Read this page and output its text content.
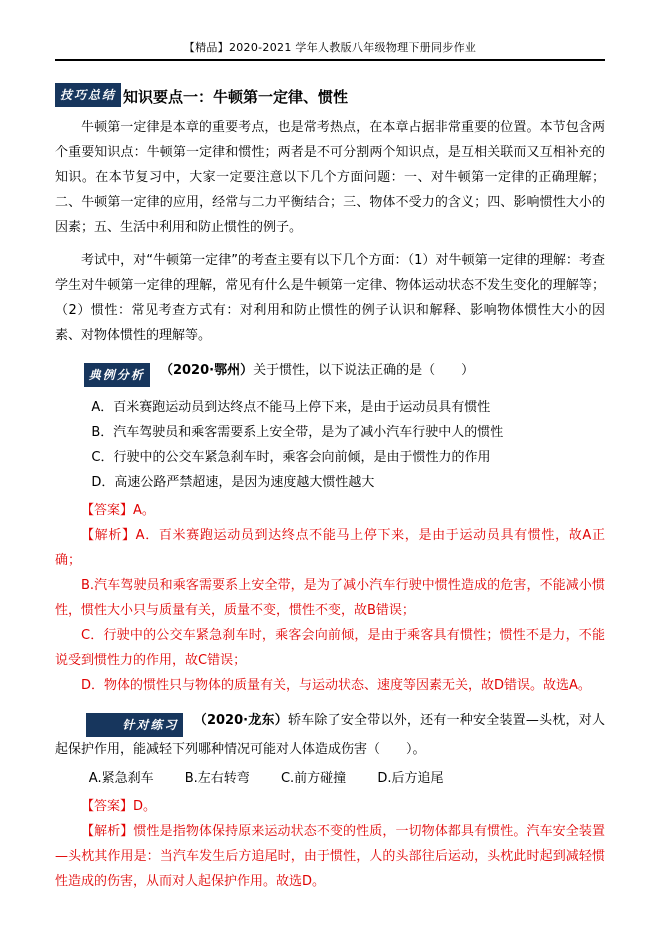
【精品】2020-2021 学年人教版八年级物理下册同步作业
技巧总结 知识要点一：牛顿第一定律、惯性

牛顿第一定律是本章的重要考点，也是常考热点，在本章占据非常重要的位置。本节包含两个重要知识点：牛顿第一定律和惯性；两者是不可分割两个知识点，是互相关联而又互相补充的知识。在本节复习中，大家一定要注意以下几个方面问题：一、对牛顿第一定律的正确理解；二、牛顿第一定律的应用，经常与二力平衡结合；三、物体不受力的含义；四、影响惯性大小的因素；五、生活中利用和防止惯性的例子。

考试中，对“牛顿第一定律”的考查主要有以下几个方面：（1）对牛顿第一定律的理解：考查学生对牛顿第一定律的理解，常见有什么是牛顿第一定律、物体运动状态不发生变化的理解等；（2）惯性：常见考查方式有：对利用和防止惯性的例子认识和解释、影响物体惯性大小的因素、对物体惯性的理解等。

典例分析 （2020·鄂州）关于惯性，以下说法正确的是（　　）

A．百米赛跑运动员到达终点不能马上停下来，是由于运动员具有惯性

B．汽车驾驶员和乘客需要系上安全带，是为了减小汽车行驶中人的惯性

C．行驶中的公交车紧急刹车时，乘客会向前倾，是由于惯性力的作用

D．高速公路严禁超速，是因为速度越大惯性越大

【答案】A。

【解析】A．百米赛跑运动员到达终点不能马上停下来，是由于运动员具有惯性，故A正确；

B.汽车驾驶员和乘客需要系上安全带，是为了减小汽车行驶中惯性造成的危害，不能减小惯性，惯性大小只与质量有关，质量不变，惯性不变，故B错误；

C．行驶中的公交车紧急刹车时，乘客会向前倾，是由于乘客具有惯性；惯性不是力，不能说受到惯性力的作用，故C错误；

D．物体的惯性只与物体的质量有关，与运动状态、速度等因素无关，故D错误。故选A。

针对练习 （2020·龙东）轿车除了安全带以外，还有一种安全装置—头枕，对人起保护作用，能减轻下列哪种情况可能对人体造成伤害（　　）。

A.紧急刹车 B.左右转弯 C.前方碰撞 D.后方追尾

【答案】D。

【解析】惯性是指物体保持原来运动状态不变的性质，一切物体都具有惯性。汽车安全装置—头枕其作用是：当汽车发生后方追尾时，由于惯性，人的头部往后运动，头枕此时起到减轻惯性造成的伤害，从而对人起保护作用。故选D。
